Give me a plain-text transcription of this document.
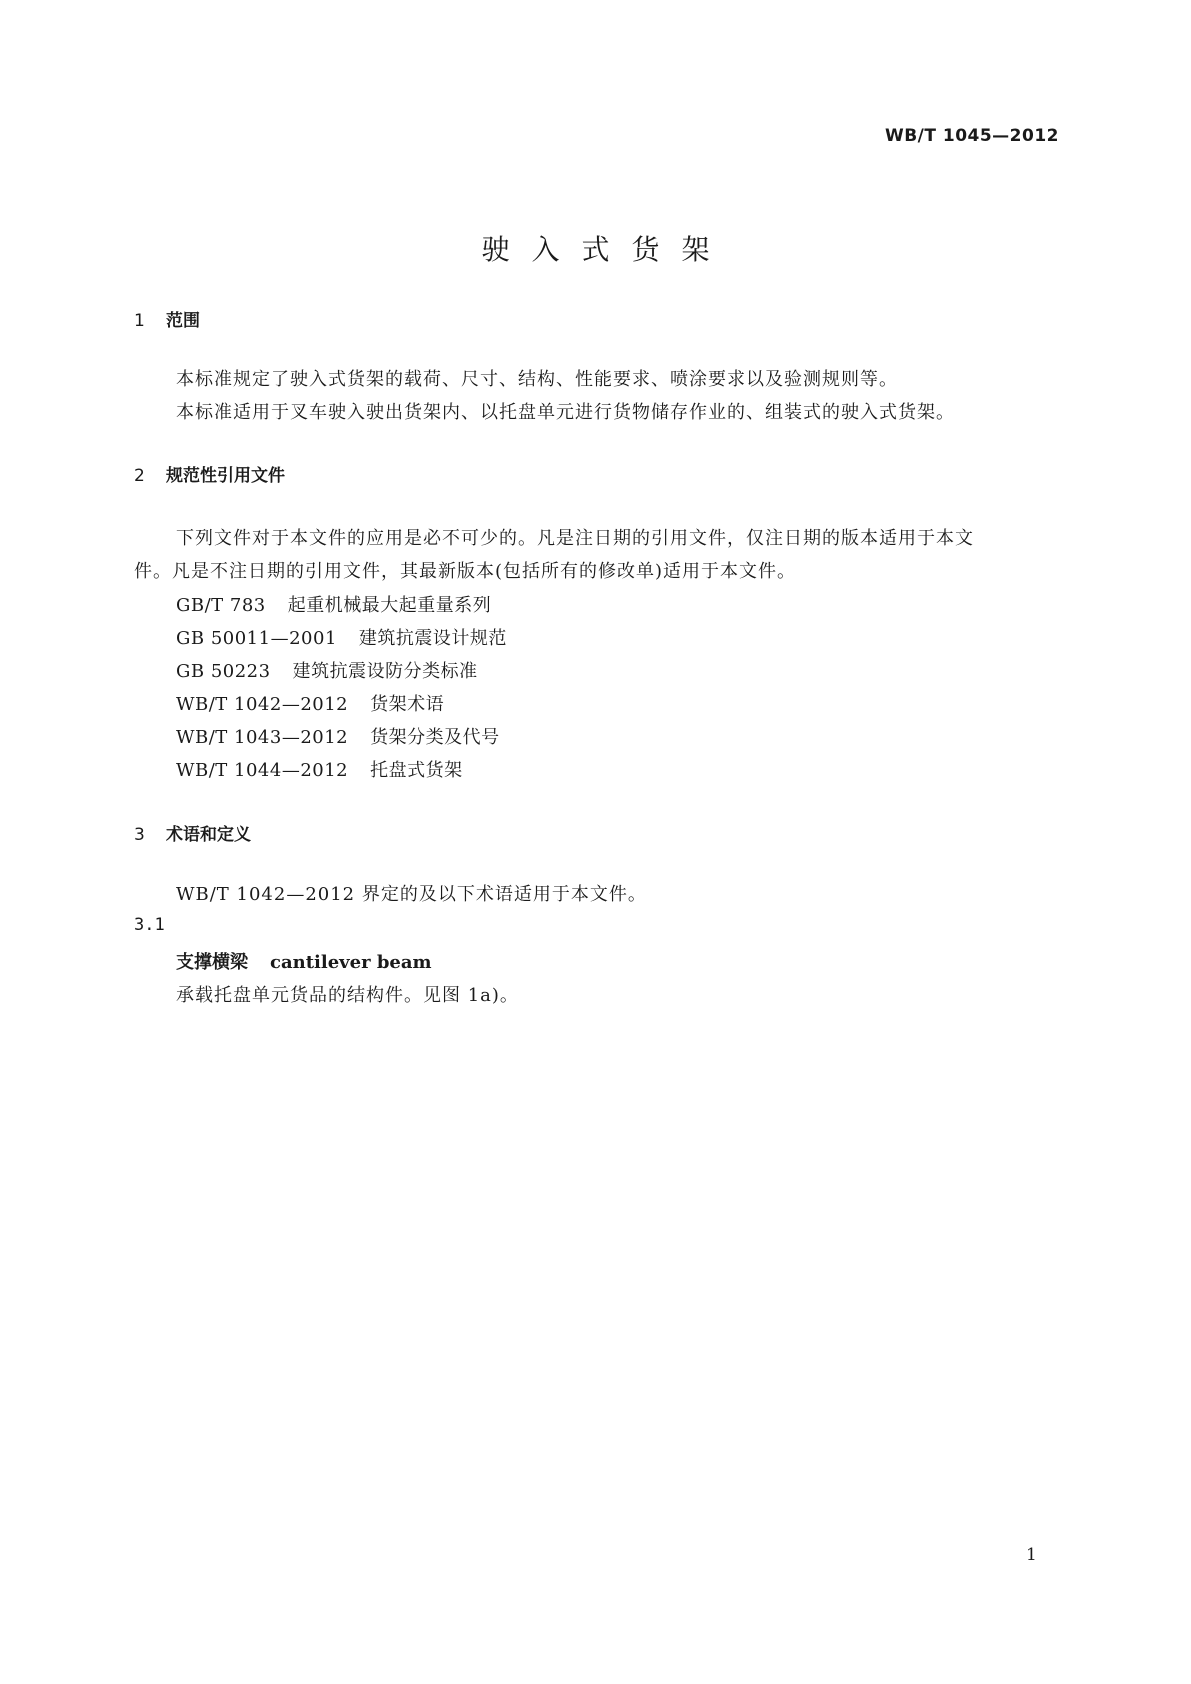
WB/T 1045—2012
驶入式货架
1 范围
本标准规定了驶入式货架的载荷、尺寸、结构、性能要求、喷涂要求以及验测规则等。
本标准适用于叉车驶入驶出货架内、以托盘单元进行货物储存作业的、组装式的驶入式货架。
2 规范性引用文件
下列文件对于本文件的应用是必不可少的。凡是注日期的引用文件，仅注日期的版本适用于本文
件。凡是不注日期的引用文件，其最新版本(包括所有的修改单)适用于本文件。
GB/T 783 起重机械最大起重量系列
GB 50011—2001 建筑抗震设计规范
GB 50223 建筑抗震设防分类标准
WB/T 1042—2012 货架术语
WB/T 1043—2012 货架分类及代号
WB/T 1044—2012 托盘式货架
3 术语和定义
WB/T 1042—2012 界定的及以下术语适用于本文件。
3.1
支撑横梁 cantilever beam
承载托盘单元货品的结构件。见图 1a)。
1
